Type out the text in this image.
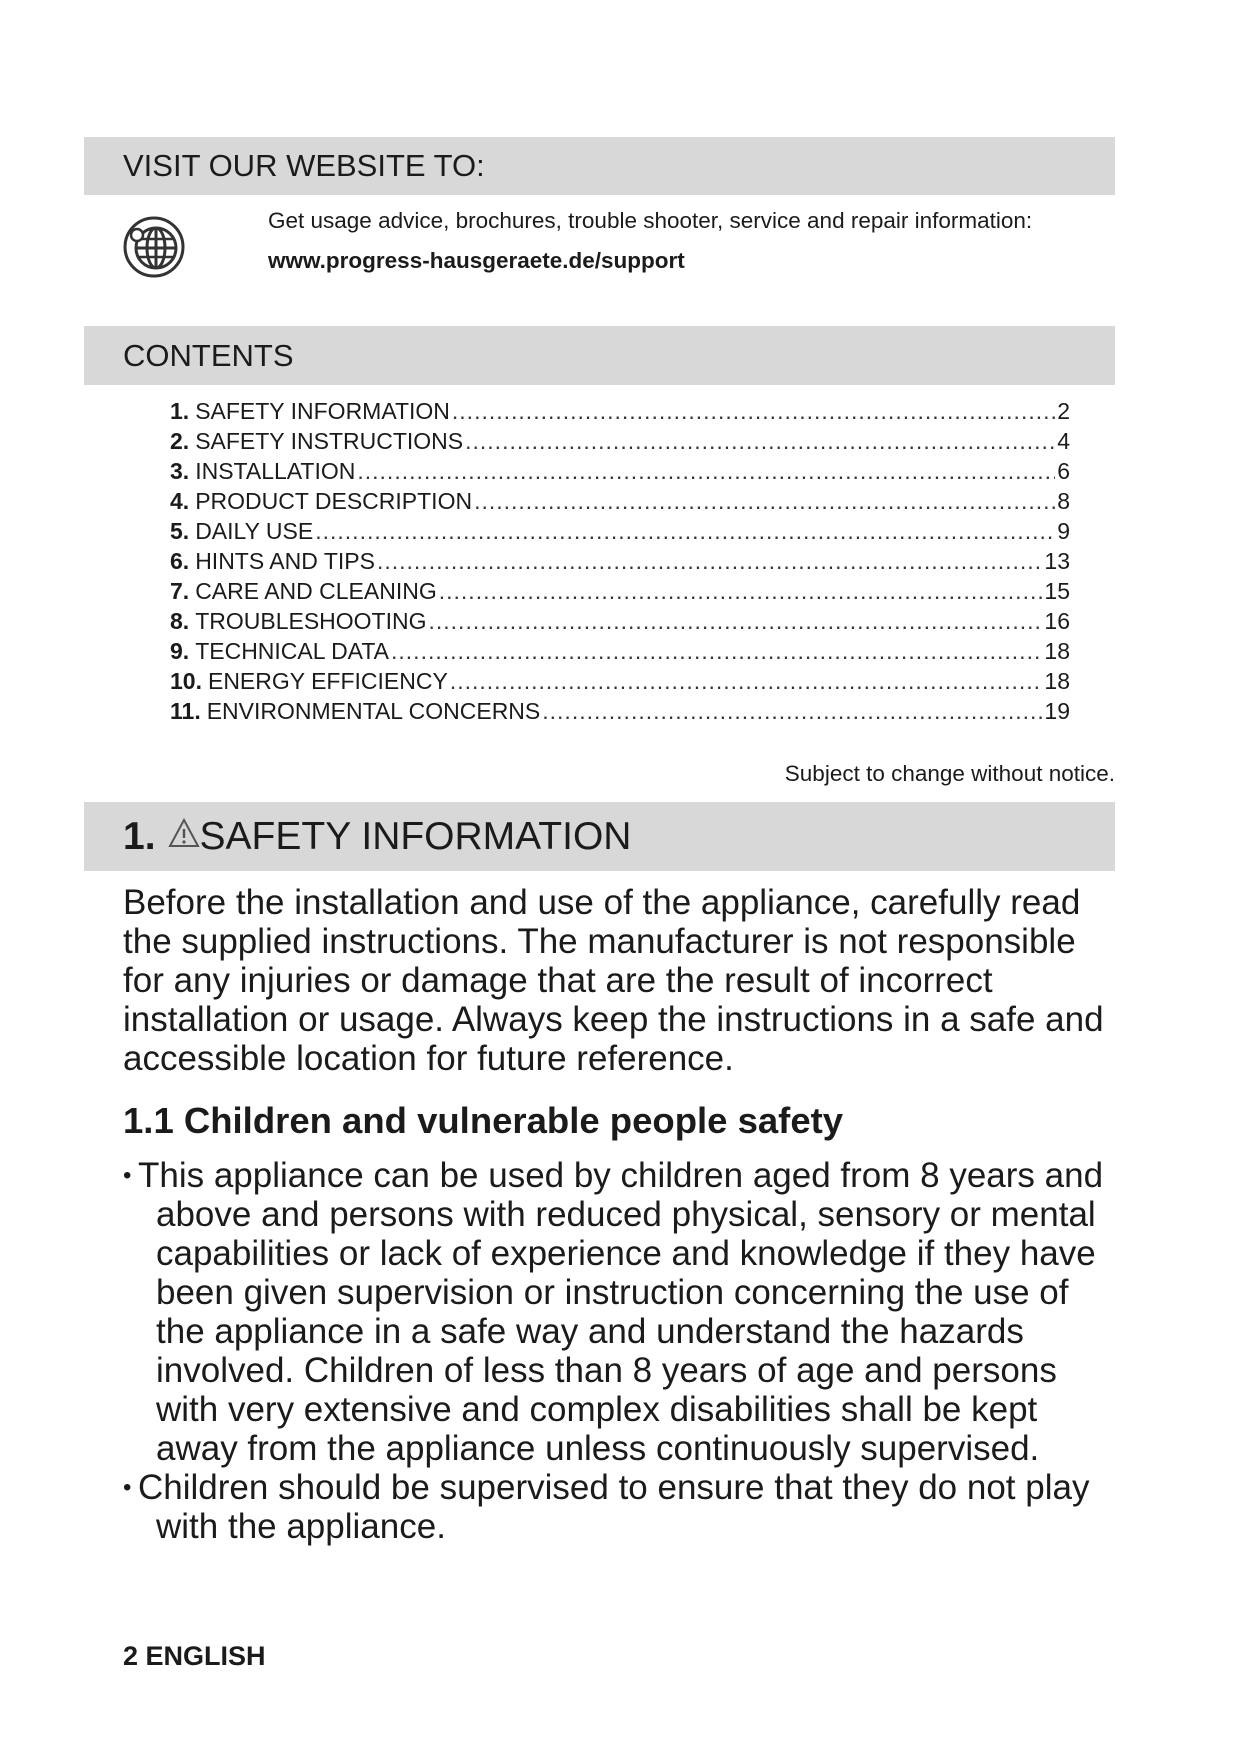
VISIT OUR WEBSITE TO:
Get usage advice, brochures, trouble shooter, service and repair information:
www.progress-hausgeraete.de/support
CONTENTS
1. SAFETY INFORMATION .....	2
2. SAFETY INSTRUCTIONS .....	4
3. INSTALLATION .....	6
4. PRODUCT DESCRIPTION .....	8
5. DAILY USE .....	9
6. HINTS AND TIPS .....	13
7. CARE AND CLEANING .....	15
8. TROUBLESHOOTING .....	16
9. TECHNICAL DATA .....	18
10. ENERGY EFFICIENCY .....	18
11. ENVIRONMENTAL CONCERNS .....	19
Subject to change without notice.
1. SAFETY INFORMATION
Before the installation and use of the appliance, carefully read the supplied instructions. The manufacturer is not responsible for any injuries or damage that are the result of incorrect installation or usage. Always keep the instructions in a safe and accessible location for future reference.
1.1 Children and vulnerable people safety

• This appliance can be used by children aged from 8 years and above and persons with reduced physical, sensory or mental capabilities or lack of experience and knowledge if they have been given supervision or instruction concerning the use of the appliance in a safe way and understand the hazards involved. Children of less than 8 years of age and persons with very extensive and complex disabilities shall be kept away from the appliance unless continuously supervised.

• Children should be supervised to ensure that they do not play with the appliance.

2 ENGLISH
